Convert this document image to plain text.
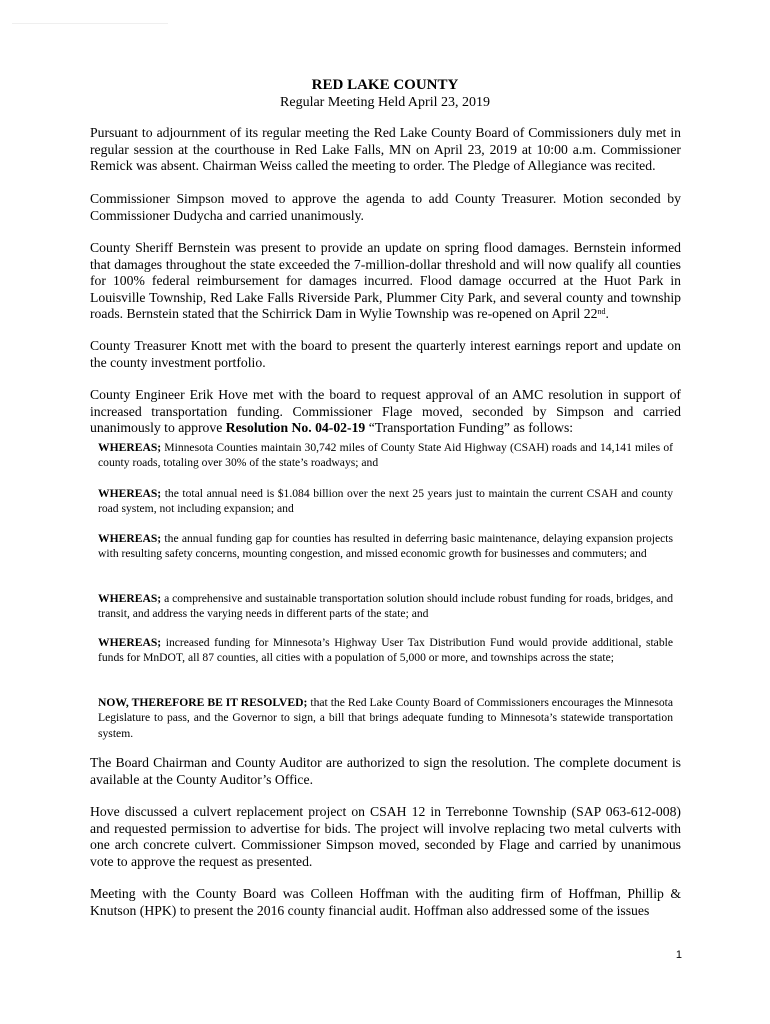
RED LAKE COUNTY
Regular Meeting Held April 23, 2019

Pursuant to adjournment of its regular meeting the Red Lake County Board of Commissioners duly met in regular session at the courthouse in Red Lake Falls, MN on April 23, 2019 at 10:00 a.m. Commissioner Remick was absent. Chairman Weiss called the meeting to order. The Pledge of Allegiance was recited.

Commissioner Simpson moved to approve the agenda to add County Treasurer. Motion seconded by Commissioner Dudycha and carried unanimously.

County Sheriff Bernstein was present to provide an update on spring flood damages. Bernstein informed that damages throughout the state exceeded the 7-million-dollar threshold and will now qualify all counties for 100% federal reimbursement for damages incurred. Flood damage occurred at the Huot Park in Louisville Township, Red Lake Falls Riverside Park, Plummer City Park, and several county and township roads. Bernstein stated that the Schirrick Dam in Wylie Township was re-opened on April 22nd.

County Treasurer Knott met with the board to present the quarterly interest earnings report and update on the county investment portfolio.

County Engineer Erik Hove met with the board to request approval of an AMC resolution in support of increased transportation funding. Commissioner Flage moved, seconded by Simpson and carried unanimously to approve Resolution No. 04-02-19 “Transportation Funding” as follows:

WHEREAS; Minnesota Counties maintain 30,742 miles of County State Aid Highway (CSAH) roads and 14,141 miles of county roads, totaling over 30% of the state’s roadways; and

WHEREAS; the total annual need is $1.084 billion over the next 25 years just to maintain the current CSAH and county road system, not including expansion; and

WHEREAS; the annual funding gap for counties has resulted in deferring basic maintenance, delaying expansion projects with resulting safety concerns, mounting congestion, and missed economic growth for businesses and commuters; and

WHEREAS; a comprehensive and sustainable transportation solution should include robust funding for roads, bridges, and transit, and address the varying needs in different parts of the state; and

WHEREAS; increased funding for Minnesota’s Highway User Tax Distribution Fund would provide additional, stable funds for MnDOT, all 87 counties, all cities with a population of 5,000 or more, and townships across the state;

NOW, THEREFORE BE IT RESOLVED; that the Red Lake County Board of Commissioners encourages the Minnesota Legislature to pass, and the Governor to sign, a bill that brings adequate funding to Minnesota’s statewide transportation system.

The Board Chairman and County Auditor are authorized to sign the resolution. The complete document is available at the County Auditor’s Office.

Hove discussed a culvert replacement project on CSAH 12 in Terrebonne Township (SAP 063-612-008) and requested permission to advertise for bids. The project will involve replacing two metal culverts with one arch concrete culvert. Commissioner Simpson moved, seconded by Flage and carried by unanimous vote to approve the request as presented.

Meeting with the County Board was Colleen Hoffman with the auditing firm of Hoffman, Phillip & Knutson (HPK) to present the 2016 county financial audit. Hoffman also addressed some of the issues

1
